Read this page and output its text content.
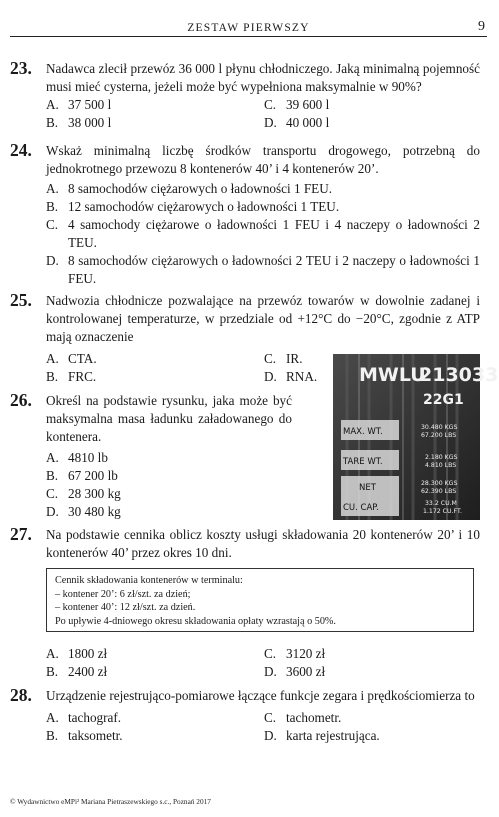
ZESTAW PIERWSZY	9
23. Nadawca zlecił przewóz 36 000 l płynu chłodniczego. Jaką minimalną pojemność musi mieć cysterna, jeżeli może być wypełniona maksymalnie w 90%?
A. 37 500 l
B. 38 000 l
C. 39 600 l
D. 40 000 l
24. Wskaż minimalną liczbę środków transportu drogowego, potrzebną do jednokrotnego przewozu 8 kontenerów 40’ i 4 kontenerów 20’.
A. 8 samochodów ciężarowych o ładowności 1 FEU.
B. 12 samochodów ciężarowych o ładowności 1 TEU.
C. 4 samochody ciężarowe o ładowności 1 FEU i 4 naczepy o ładowności 2 TEU.
D. 8 samochodów ciężarowych o ładowności 2 TEU i 2 naczepy o ładowności 1 FEU.
25. Nadwozia chłodnicze pozwalające na przewóz towarów w dowolnie zadanej i kontrolowanej temperaturze, w przedziale od +12°C do −20°C, zgodnie z ATP mają oznaczenie
A. CTA.
B. FRC.
C. IR.
D. RNA.
26. Określ na podstawie rysunku, jaka może być maksymalna masa ładunku załadowanego do kontenera.
A. 4810 lb
B. 67 200 lb
C. 28 300 kg
D. 30 480 kg
MWLU
213033
22G1
MAX. WT.	30.480 KGS
67.200 LBS
TARE WT.	2.180 KGS
4.810 LBS
NET	28.300 KGS
62.390 LBS
CU. CAP.	33.2 CU.M
1.172 CU.FT.
27. Na podstawie cennika oblicz koszty usługi składowania 20 kontenerów 20’ i 10 kontenerów 40’ przez okres 10 dni.
Cennik składowania kontenerów w terminalu:
– kontener 20’: 6 zł/szt. za dzień;
– kontener 40’: 12 zł/szt. za dzień.
Po upływie 4-dniowego okresu składowania opłaty wzrastają o 50%.
A. 1800 zł
B. 2400 zł
C. 3120 zł
D. 3600 zł
28. Urządzenie rejestrująco-pomiarowe łączące funkcje zegara i prędkościomierza to
A. tachograf.
B. taksometr.
C. tachometr.
D. karta rejestrująca.
© Wydawnictwo eMPi² Mariana Pietraszewskiego s.c., Poznań 2017
